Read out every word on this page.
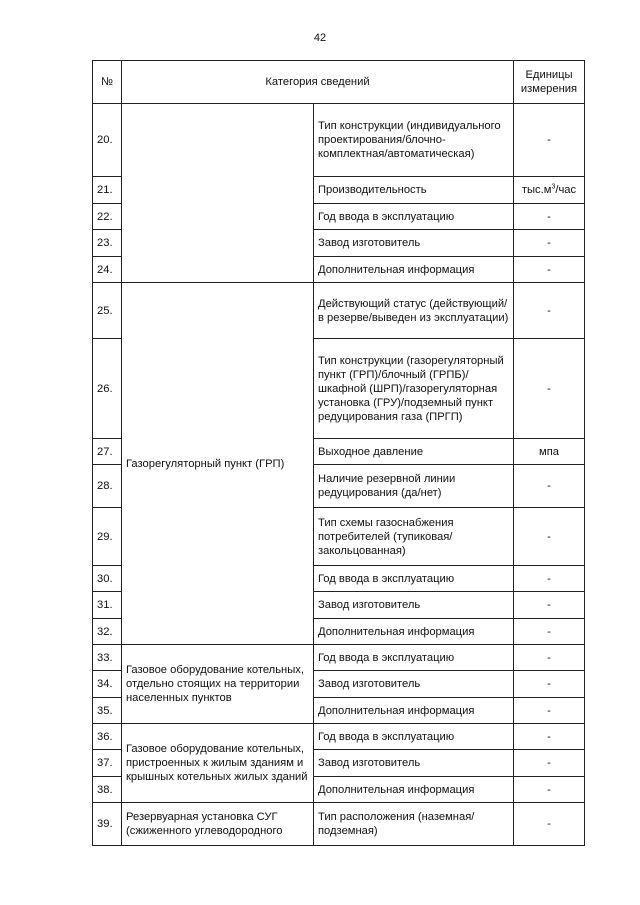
42
№	Категория сведений		Единицы измерения
20.		Тип конструкции (индивидуального проектирования/блочно-комплектная/автоматическая)	-
21.		Производительность	$тыс.м^3$/час
22.		Год ввода в эксплуатацию	-
23.		Завод изготовитель	-
24.		Дополнительная информация	-
25.	Газорегуляторный пункт (ГРП)	Действующий статус (действующий/в резерве/выведен из эксплуатации)	-
26.		Тип конструкции (газорегуляторный пункт (ГРП)/блочный (ГРПБ)/шкафной (ШРП)/газорегуляторная установка (ГРУ)/подземный пункт редуцирования газа (ПРГП)	-
27.		Выходное давление	мпа
28.		Наличие резервной линии редуцирования (да/нет)	-
29.		Тип схемы газоснабжения потребителей (тупиковая/закольцованная)	-
30.		Год ввода в эксплуатацию	-
31.		Завод изготовитель	-
32.		Дополнительная информация	-
33.	Газовое оборудование котельных, отдельно стоящих на территории населенных пунктов	Год ввода в эксплуатацию	-
34.		Завод изготовитель	-
35.		Дополнительная информация	-
36.	Газовое оборудование котельных, пристроенных к жилым зданиям и крышных котельных жилых зданий	Год ввода в эксплуатацию	-
37.		Завод изготовитель	-
38.		Дополнительная информация	-
39.	Резервуарная установка СУГ (сжиженного углеводородного	Тип расположения (наземная/подземная)	-
